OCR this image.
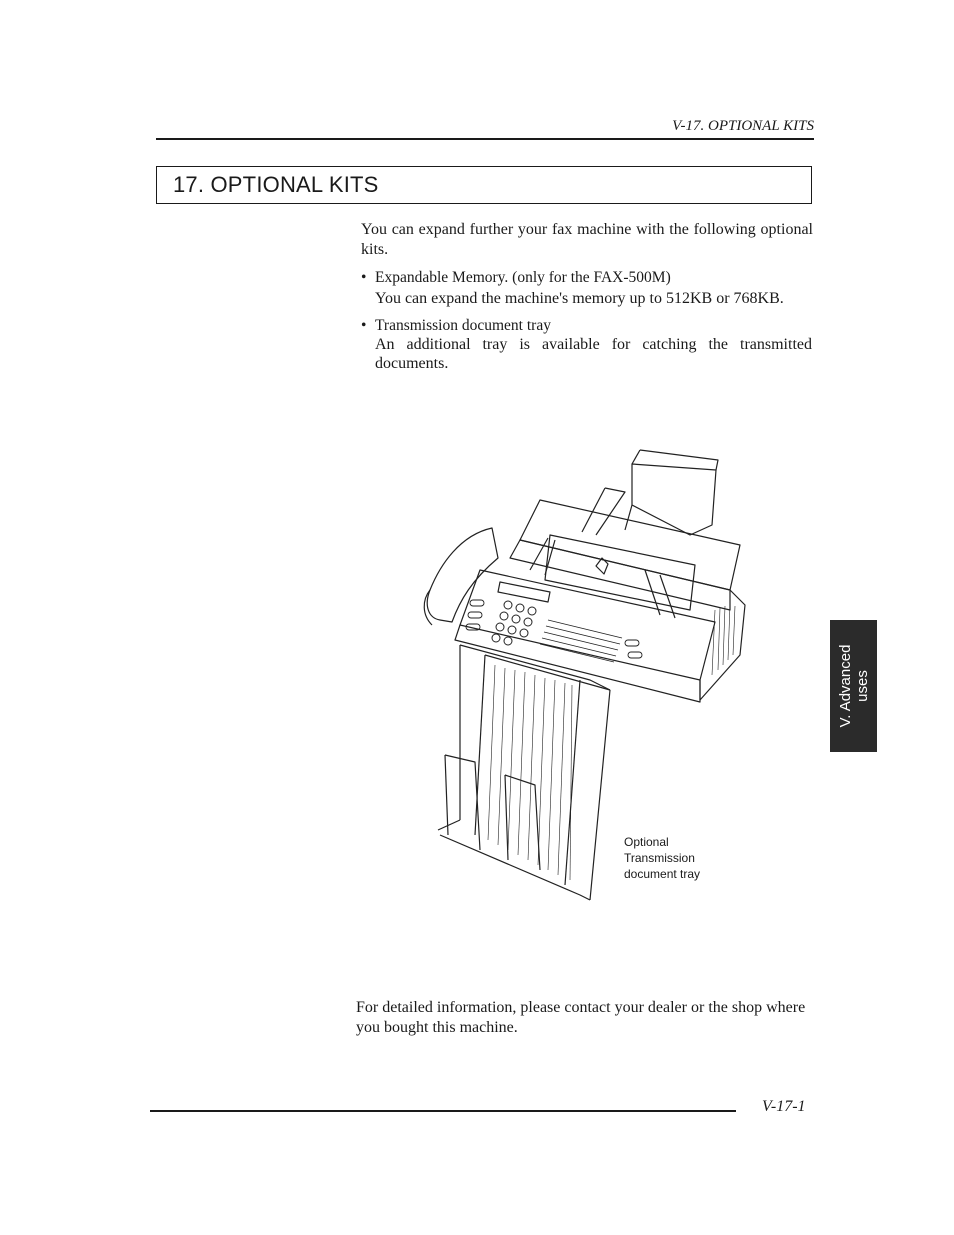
V-17. OPTIONAL KITS
17. OPTIONAL KITS
You can expand further your fax machine with the following optional kits.
• Expandable Memory. (only for the FAX-500M)
You can expand the machine's memory up to 512KB or 768KB.
• Transmission document tray
An additional tray is available for catching the transmitted documents.
Optional
Transmission
document tray
For detailed information, please contact your dealer or the shop where you bought this machine.
V-17-1
V. Advanced uses
